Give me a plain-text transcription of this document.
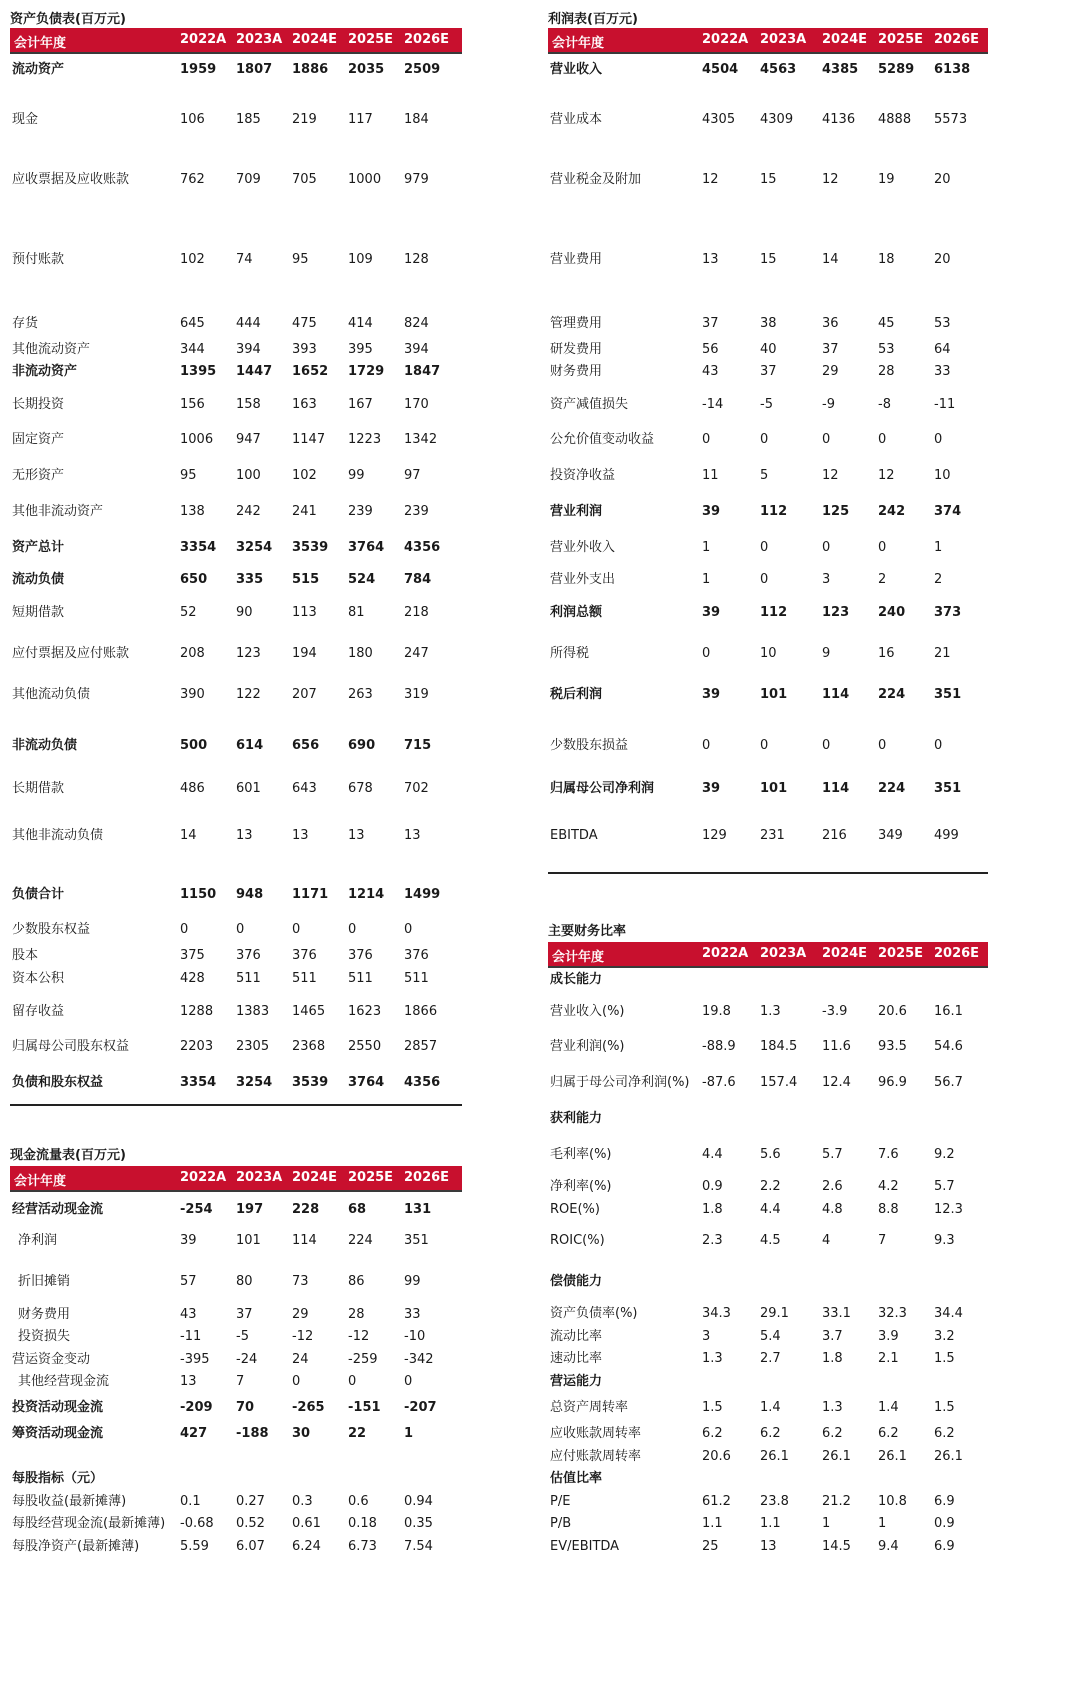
资产负债表(百万元)
会计年度	2022A 2023A 2024E 2025E 2026E
流动资产	1959 1807 1886 2035 2509
现金	106 185 219 117 184
应收票据及应收账款	762 709 705 1000 979
预付账款	102 74	95	109 128
存货	645 444 475 414 824
其他流动资产	344 394 393 395 394
非流动资产	1395 1447 1652 1729 1847
长期投资	156 158 163 167 170
固定资产	1006 947 1147 1223 1342
无形资产	95	100 102 99	97
其他非流动资产	138 242 241 239 239
资产总计	3354 3254 3539 3764 4356
流动负债	650 335 515 524 784
短期借款	52	90	113 81	218
应付票据及应付账款	208 123 194 180 247
其他流动负债	390 122 207 263 319
非流动负债	500 614 656 690 715
长期借款	486 601 643 678 702
其他非流动负债	14	13	13	13	13
负债合计	1150 948 1171 1214 1499
少数股东权益	0	0	0	0	0
股本	375 376 376 376 376
资本公积	428 511 511 511 511
留存收益	1288 1383 1465 1623 1866
归属母公司股东权益	2203 2305 2368 2550 2857
负债和股东权益	3354 3254 3539 3764 4356
利润表(百万元)
会计年度	2022A 2023A 2024E 2025E 2026E
营业收入	4504 4563 4385 5289 6138
营业成本	4305 4309 4136 4888 5573
营业税金及附加	12	15	12	19	20
营业费用	13	15	14	18	20
管理费用	37	38	36	45	53
研发费用	56	40	37	53	64
财务费用	43	37	29	28	33
资产减值损失	-14	-5	-9	-8	-11
公允价值变动收益	0	0	0	0	0
投资净收益	11	5	12	12	10
营业利润	39	112	125 242 374
营业外收入	1	0	0	0	1
营业外支出	1	0	3	2	2
利润总额	39	112	123 240 373
所得税	0	10	9	16	21
税后利润	39	101	114 224 351
少数股东损益	0	0	0	0	0
归属母公司净利润	39	101	114 224 351
EBITDA	129	231	216 349 499
主要财务比率
会计年度	2022A 2023A 2024E 2025E 2026E
成长能力
营业收入(%)	19.8 1.3	-3.9 20.6 16.1
营业利润(%)	-88.9 184.5 11.6 93.5 54.6
归属于母公司净利润(%) -87.6 157.4 12.4 96.9 56.7
获利能力
毛利率(%)	4.4	5.6	5.7	7.6	9.2
净利率(%)	0.9	2.2	2.6	4.2	5.7
ROE(%)	1.8	4.4	4.8	8.8	12.3
ROIC(%)	2.3	4.5	4	7	9.3
偿债能力
资产负债率(%)	34.3 29.1	33.1 32.3 34.4
流动比率	3	5.4	3.7	3.9	3.2
速动比率	1.3	2.7	1.8	2.1	1.5
营运能力
总资产周转率	1.5	1.4	1.3	1.4	1.5
应收账款周转率	6.2	6.2	6.2	6.2	6.2
应付账款周转率	20.6 26.1	26.1 26.1 26.1
估值比率
P/E	61.2 23.8	21.2 10.8 6.9
P/B	1.1	1.1	1	1	0.9
EV/EBITDA	25	13	14.5 9.4	6.9
现金流量表(百万元)
会计年度	2022A 2023A 2024E 2025E 2026E
经营活动现金流	-254 197 228 68	131
净利润	39	101 114 224 351
折旧摊销	57	80	73	86	99
财务费用	43	37	29	28	33
投资损失	-11	-5	-12	-12	-10
营运资金变动	-395 -24	24	-259 -342
其他经营现金流	13	7	0	0	0
投资活动现金流	-209 70	-265 -151 -207
筹资活动现金流	427 -188 30	22	1
每股指标（元）
每股收益(最新摊薄)	0.1	0.27 0.3	0.6	0.94
每股经营现金流(最新摊薄) -0.68 0.52 0.61 0.18 0.35
每股净资产(最新摊薄)	5.59 6.07 6.24 6.73 7.54
